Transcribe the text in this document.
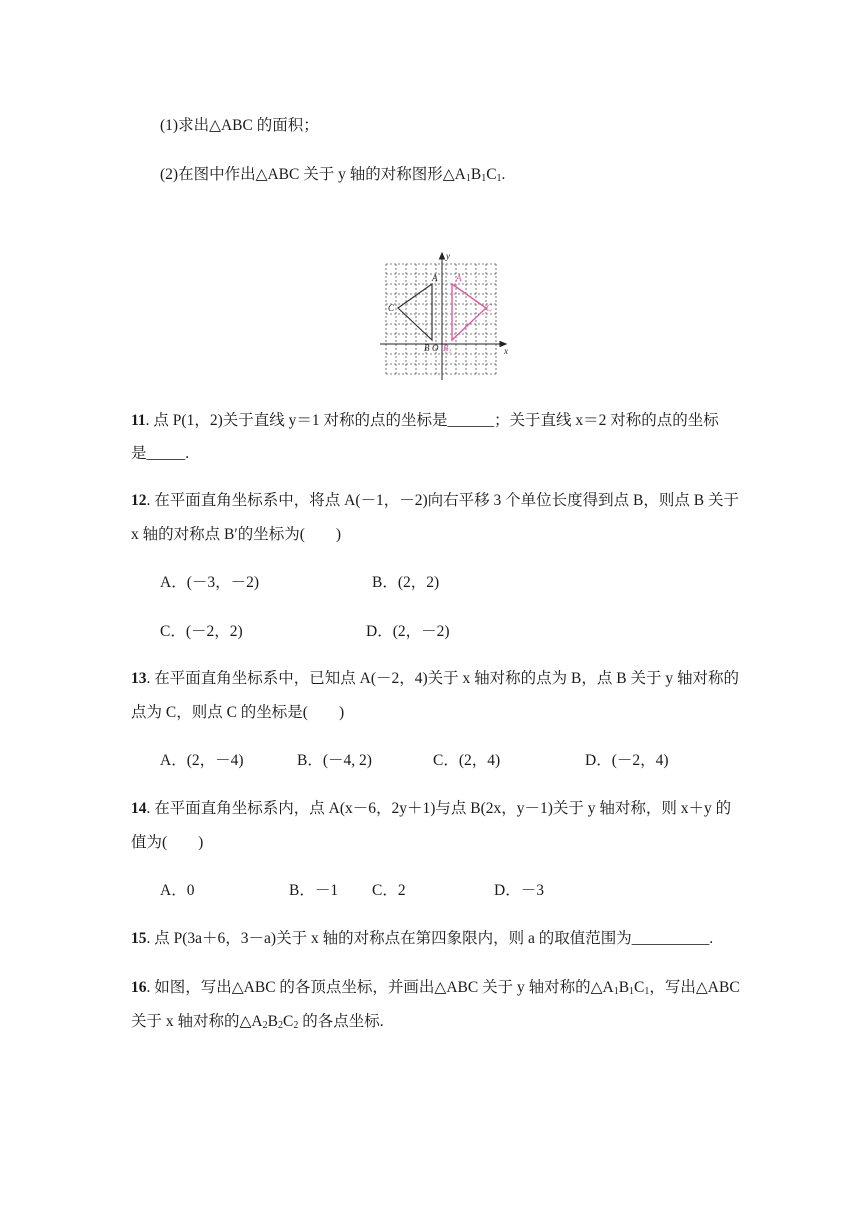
(1)求出△ABC 的面积；
(2)在图中作出△ABC 关于 y 轴的对称图形$\triangle A_1B_1C_1$.
y
x
A
C
B O $B_1$
A
C
11. 点 P(1，2)关于直线 y＝1 对称的点的坐标是______；关于直线 x＝2 对称的点的坐标
是_____.
12. 在平面直角坐标系中，将点 A(－1，－2)向右平移 3 个单位长度得到点 B，则点 B 关于
x 轴的对称点 B′的坐标为(　　)
A．(－3，－2)	B．(2，2)
C．(－2，2)	D．(2，－2)
13. 在平面直角坐标系中，已知点 A(－2，4)关于 x 轴对称的点为 B，点 B 关于 y 轴对称的
点为 C，则点 C 的坐标是(　　)
A．(2，－4)	B．(－4, 2)	C．(2，4)	D．(－2，4)
14. 在平面直角坐标系内，点 A(x－6，2y＋1)与点 B(2x，y－1)关于 y 轴对称，则 x＋y 的
值为(　　)
A．0	B．－1 C．2	D．－3
15. 点 P(3a＋6，3－a)关于 x 轴的对称点在第四象限内，则 a 的取值范围为__________.
16. 如图，写出△ABC 的各顶点坐标，并画出△ABC 关于 y 轴对称的$\triangle A_1B_1C_1$，写出△ABC
关于 x 轴对称的$\triangle A_2B_2C_2$ 的各点坐标.
